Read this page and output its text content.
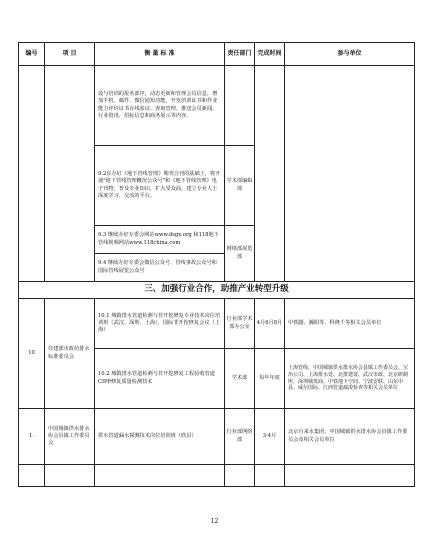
编号	项 目	衡 量 标 准	责任部门	完成时间	参与单位
		设与培训的报名部序，动态更新和管理会员信息，增加手机、邮件、微信通知功能，开发培训证书和作业能力评价证书在线验证、查询管理。推送会员新闻、行业资讯、招标信息和商务展示等内容。			
		9.2在办好《地下管线管理》期刊合刊的基础上，将开通"地下管线管理概况公众号"和《地下管线管理》电子刊物，普及专业知识，扩大受众面，建立专业人士深度学习、交流的平台。	学术部编辑部		
		9.3 继续办好专委会网站www.dsgx.org 和118地下管线视频网站www.118china.com	网络部展览部		
		9.4 继续办好专委会微信公众号、管线事故公众号和国际管线展览公众号			
三、加强行业合作，助推产业转型升级					
10	住建部市政给排水标准委员会	10.1 城镇排水管道检测与非开挖修复专业技术岗位培训班（武汉、深圳、上海），国际非开挖修复会议（上海）	行业部学术部办公室	4月6月8月	中铁隧、瀚阳等、科隆千等相关会员单位
		10.2 城镇排水管道检测与非开挖修复工程验收管道CIPP修复质量检测技术	学术部	每年年度	上海管线、中国城镇供水排水协会县镇工作委员会、宝冶公司、上海排水处、北排建设、武汉市政、北京研制所、深圳城筑商、中铁地下空间、宁波安联、山东中县、威尔国际、江西管道疏浚检查等相关会员单位
1.	中国城镇供水排水协会县镇工作委员会	供水管道漏水探测技术岗位培训班（欣县）	行业部网络部	3-4月	北京自来水集团、中国城镇供水排水协会县镇工作委员会及相关会员单位

12
